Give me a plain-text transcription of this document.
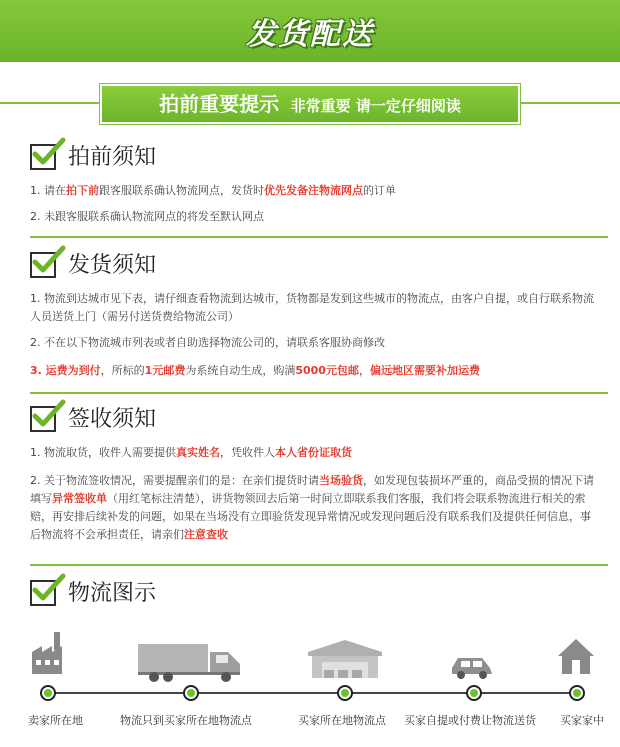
发货配送
拍前重要提示 非常重要 请一定仔细阅读
拍前须知

1. 请在拍下前跟客服联系确认物流网点，发货时优先发备注物流网点的订单

2. 未跟客服联系确认物流网点的将发至默认网点

发货须知

1. 物流到达城市见下表，请仔细查看物流到达城市，货物都是发到这些城市的物流点，由客户自提，或自行联系物流人员送货上门（需另付送货费给物流公司）

2. 不在以下物流城市列表或者自助选择物流公司的，请联系客服协商修改

3. 运费为到付，所标的1元邮费为系统自动生成，购满5000元包邮，偏远地区需要补加运费

签收须知

1. 物流取货，收件人需要提供真实姓名，凭收件人本人省份证取货

2. 关于物流签收情况，需要提醒亲们的是：在亲们提货时请当场验货，如发现包装损坏严重的，商品受损的情况下请填写异常签收单（用红笔标注清楚），讲货物领回去后第一时间立即联系我们客服，我们将会联系物流进行相关的索赔，再安排后续补发的问题，如果在当场没有立即验货发现异常情况或发现问题后没有联系我们及提供任何信息，事后物流将不会承担责任，请亲们注意查收

物流图示
卖家所在地	物流只到买家所在地物流点	买家所在地物流点 买家自提或付费让物流送货 买家家中
